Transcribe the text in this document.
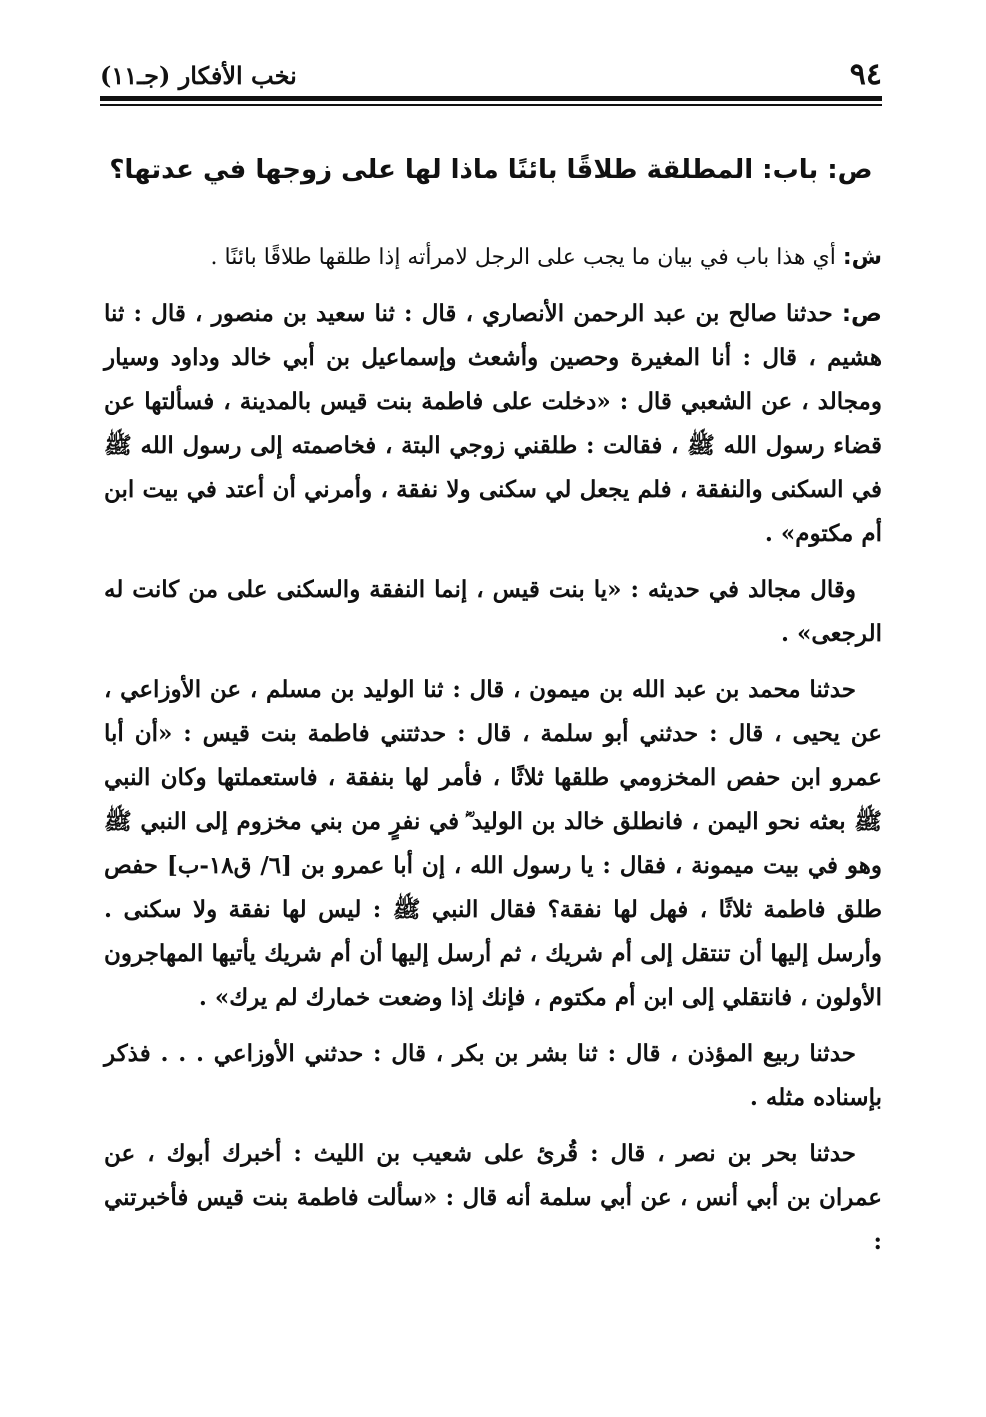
٩٤
نخب الأفكار (جـ١١)
ص: باب: المطلقة طلاقًا بائنًا ماذا لها على زوجها في عدتها؟

ش: أي هذا باب في بيان ما يجب على الرجل لامرأته إذا طلقها طلاقًا بائنًا .

ص: حدثنا صالح بن عبد الرحمن الأنصاري ، قال : ثنا سعيد بن منصور ، قال : ثنا هشيم ، قال : أنا المغيرة وحصين وأشعث وإسماعيل بن أبي خالد وداود وسيار ومجالد ، عن الشعبي قال : «دخلت على فاطمة بنت قيس بالمدينة ، فسألتها عن قضاء رسول الله ﷺ ، فقالت : طلقني زوجي البتة ، فخاصمته إلى رسول الله ﷺ في السكنى والنفقة ، فلم يجعل لي سكنى ولا نفقة ، وأمرني أن أعتد في بيت ابن أم مكتوم» .

وقال مجالد في حديثه : «يا بنت قيس ، إنما النفقة والسكنى على من كانت له الرجعى» .

حدثنا محمد بن عبد الله بن ميمون ، قال : ثنا الوليد بن مسلم ، عن الأوزاعي ، عن يحيى ، قال : حدثني أبو سلمة ، قال : حدثتني فاطمة بنت قيس : «أن أبا عمرو ابن حفص المخزومي طلقها ثلاثًا ، فأمر لها بنفقة ، فاستعملتها وكان النبي ﷺ بعثه نحو اليمن ، فانطلق خالد بن الوليد ؓ في نفرٍ من بني مخزوم إلى النبي ﷺ وهو في بيت ميمونة ، فقال : يا رسول الله ، إن أبا عمرو بن [٦/ ق١٨-ب] حفص طلق فاطمة ثلاثًا ، فهل لها نفقة؟ فقال النبي ﷺ : ليس لها نفقة ولا سكنى . وأرسل إليها أن تنتقل إلى أم شريك ، ثم أرسل إليها أن أم شريك يأتيها المهاجرون الأولون ، فانتقلي إلى ابن أم مكتوم ، فإنك إذا وضعت خمارك لم يرك» .

حدثنا ربيع المؤذن ، قال : ثنا بشر بن بكر ، قال : حدثني الأوزاعي . . . فذكر بإسناده مثله .

حدثنا بحر بن نصر ، قال : قُرئ على شعيب بن الليث : أخبرك أبوك ، عن عمران بن أبي أنس ، عن أبي سلمة أنه قال : «سألت فاطمة بنت قيس فأخبرتني :
